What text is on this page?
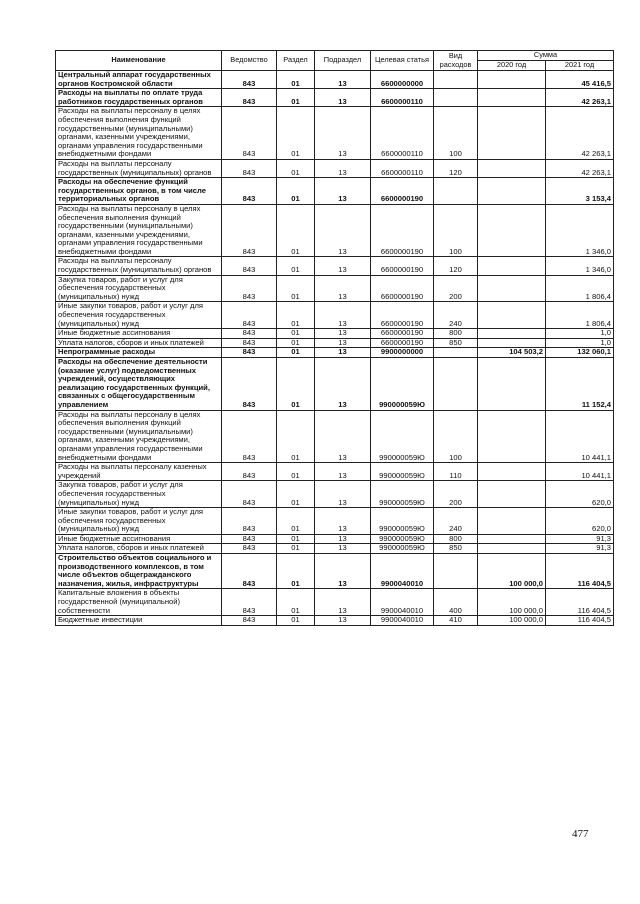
Наименование	Ведомство	Раздел	Подраздел	Целевая статья	Вид расходов	Сумма	
						2020 год	2021 год
Центральный аппарат государственных органов Костромской области	843	01	13	6600000000			45 416,5
Расходы на выплаты по оплате труда работников государственных органов	843	01	13	6600000110			42 263,1
Расходы на выплаты персоналу в целях обеспечения выполнения функций государственными (муниципальными) органами, казенными учреждениями, органами управления государственными внебюджетными фондами	843	01	13	6600000110	100		42 263,1
Расходы на выплаты персоналу государственных (муниципальных) органов	843	01	13	6600000110	120		42 263,1
Расходы на обеспечение функций государственных органов, в том числе территориальных органов	843	01	13	6600000190			3 153,4
Расходы на выплаты персоналу в целях обеспечения выполнения функций государственными (муниципальными) органами, казенными учреждениями, органами управления государственными внебюджетными фондами	843	01	13	6600000190	100		1 346,0
Расходы на выплаты персоналу государственных (муниципальных) органов	843	01	13	6600000190	120		1 346,0
Закупка товаров, работ и услуг для обеспечения государственных (муниципальных) нужд	843	01	13	6600000190	200		1 806,4
Иные закупки товаров, работ и услуг для обеспечения государственных (муниципальных) нужд	843	01	13	6600000190	240		1 806,4
Иные бюджетные ассигнования	843	01	13	6600000190	800		1,0
Уплата налогов, сборов и иных платежей	843	01	13	6600000190	850		1,0
Непрограммные расходы	843	01	13	9900000000		104 503,2	132 060,1
Расходы на обеспечение деятельности (оказание услуг) подведомственных учреждений, осуществляющих реализацию государственных функций, связанных с общегосударственным управлением	843	01	13	990000059Ю			11 152,4
Расходы на выплаты персоналу в целях обеспечения выполнения функций государственными (муниципальными) органами, казенными учреждениями, органами управления государственными внебюджетными фондами	843	01	13	990000059Ю	100		10 441,1
Расходы на выплаты персоналу казенных учреждений	843	01	13	990000059Ю	110		10 441,1
Закупка товаров, работ и услуг для обеспечения государственных (муниципальных) нужд	843	01	13	990000059Ю	200		620,0
Иные закупки товаров, работ и услуг для обеспечения государственных (муниципальных) нужд	843	01	13	990000059Ю	240		620,0
Иные бюджетные ассигнования	843	01	13	990000059Ю	800		91,3
Уплата налогов, сборов и иных платежей	843	01	13	990000059Ю	850		91,3
Строительство объектов социального и производственного комплексов, в том числе объектов общегражданского назначения, жилья, инфраструктуры	843	01	13	9900040010		100 000,0	116 404,5
Капитальные вложения в объекты государственной (муниципальной) собственности	843	01	13	9900040010	400	100 000,0	116 404,5
Бюджетные инвестиции	843	01	13	9900040010	410	100 000,0	116 404,5
477
